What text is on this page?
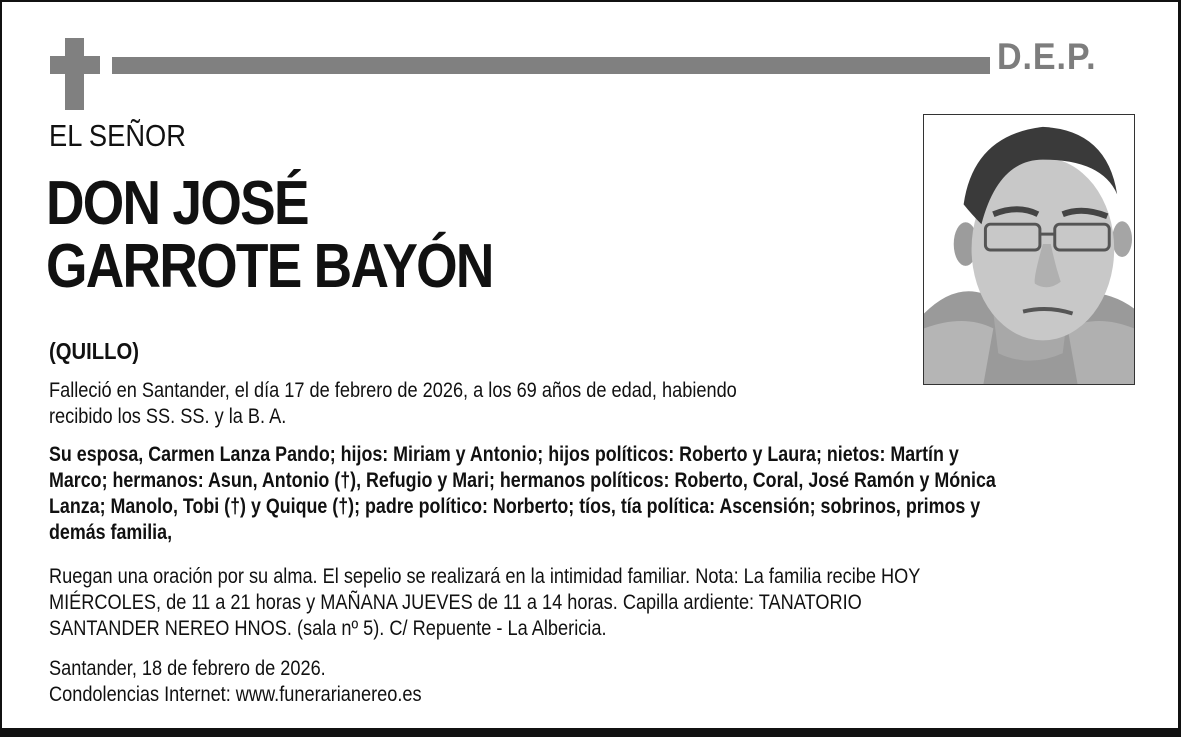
D.E.P.
EL SEÑOR
DON JOSÉ
GARROTE BAYÓN
(QUILLO)
Falleció en Santander, el día 17 de febrero de 2026, a los 69 años de edad, habiendo
recibido los SS. SS. y la B. A.
Su esposa, Carmen Lanza Pando; hijos: Miriam y Antonio; hijos políticos: Roberto y Laura; nietos: Martín y
Marco; hermanos: Asun, Antonio (†), Refugio y Mari; hermanos políticos: Roberto, Coral, José Ramón y Mónica
Lanza; Manolo, Tobi (†) y Quique (†); padre político: Norberto; tíos, tía política: Ascensión; sobrinos, primos y
demás familia,
Ruegan una oración por su alma. El sepelio se realizará en la intimidad familiar. Nota: La familia recibe HOY
MIÉRCOLES, de 11 a 21 horas y MAÑANA JUEVES de 11 a 14 horas. Capilla ardiente: TANATORIO
SANTANDER NEREO HNOS. (sala nº 5). C/ Repuente - La Albericia.
Santander, 18 de febrero de 2026.
Condolencias Internet: www.funerarianereo.es
